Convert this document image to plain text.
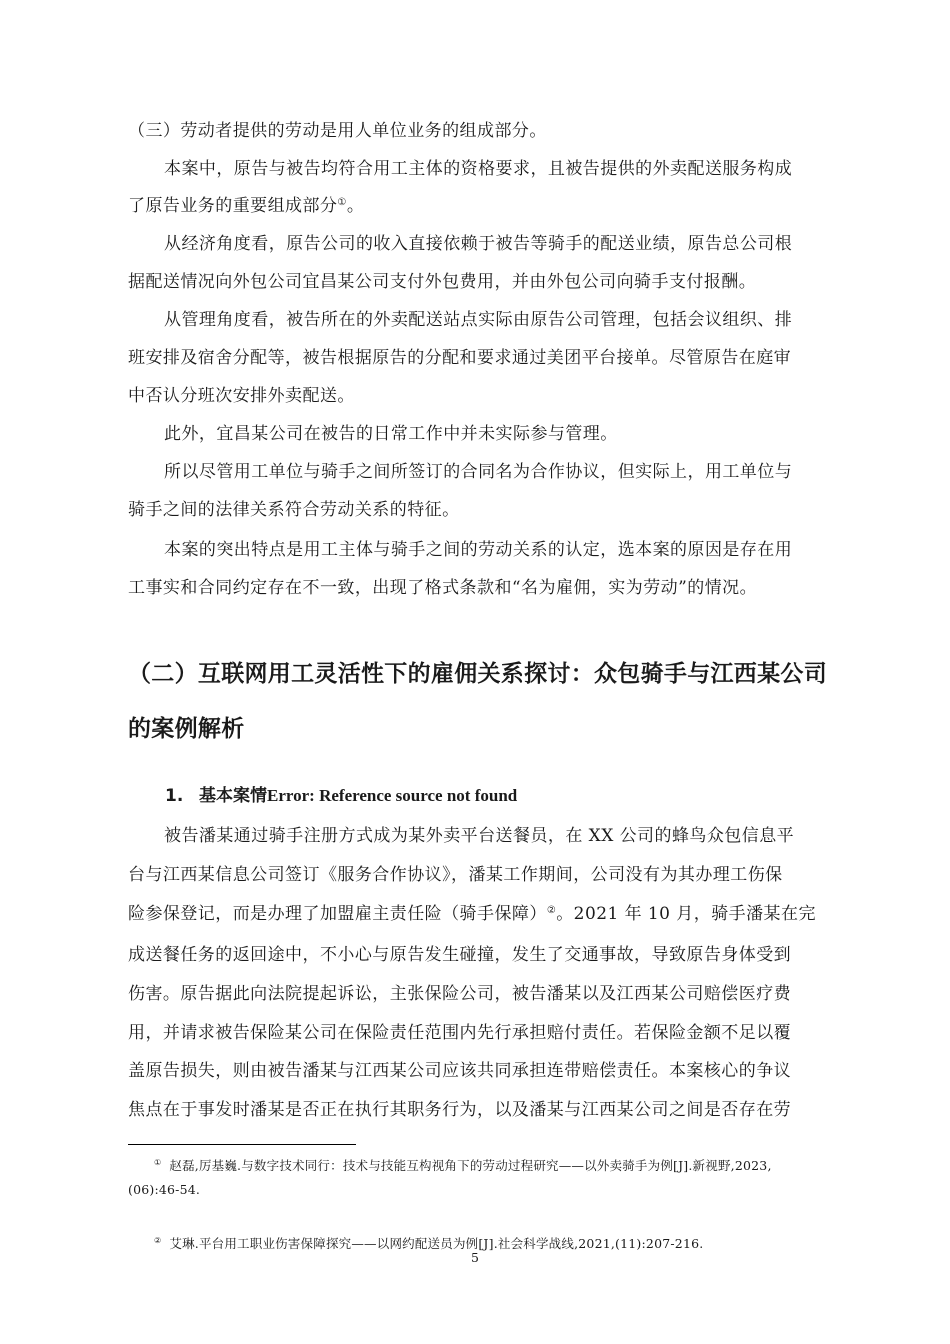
（三）劳动者提供的劳动是用人单位业务的组成部分。
本案中，原告与被告均符合用工主体的资格要求，且被告提供的外卖配送服务构成
了原告业务的重要组成部分①。
从经济角度看，原告公司的收入直接依赖于被告等骑手的配送业绩，原告总公司根
据配送情况向外包公司宜昌某公司支付外包费用，并由外包公司向骑手支付报酬。
从管理角度看，被告所在的外卖配送站点实际由原告公司管理，包括会议组织、排
班安排及宿舍分配等，被告根据原告的分配和要求通过美团平台接单。尽管原告在庭审
中否认分班次安排外卖配送。
此外，宜昌某公司在被告的日常工作中并未实际参与管理。
所以尽管用工单位与骑手之间所签订的合同名为合作协议，但实际上，用工单位与
骑手之间的法律关系符合劳动关系的特征。
本案的突出特点是用工主体与骑手之间的劳动关系的认定，选本案的原因是存在用
工事实和合同约定存在不一致，出现了格式条款和“名为雇佣，实为劳动”的情况。
（二）互联网用工灵活性下的雇佣关系探讨：众包骑手与江西某公司
的案例解析
1. 基本案情Error: Reference source not found
被告潘某通过骑手注册方式成为某外卖平台送餐员，在 XX 公司的蜂鸟众包信息平
台与江西某信息公司签订《服务合作协议》，潘某工作期间，公司没有为其办理工伤保
险参保登记，而是办理了加盟雇主责任险（骑手保障）②。2021 年 10 月，骑手潘某在完
成送餐任务的返回途中，不小心与原告发生碰撞，发生了交通事故，导致原告身体受到
伤害。原告据此向法院提起诉讼，主张保险公司，被告潘某以及江西某公司赔偿医疗费
用，并请求被告保险某公司在保险责任范围内先行承担赔付责任。若保险金额不足以覆
盖原告损失，则由被告潘某与江西某公司应该共同承担连带赔偿责任。本案核心的争议
焦点在于事发时潘某是否正在执行其职务行为，以及潘某与江西某公司之间是否存在劳
① 赵磊,厉基巍.与数字技术同行：技术与技能互构视角下的劳动过程研究——以外卖骑手为例[J].新视野,2023,
(06):46-54.
② 艾琳.平台用工职业伤害保障探究——以网约配送员为例[J].社会科学战线,2021,(11):207-216.
5
